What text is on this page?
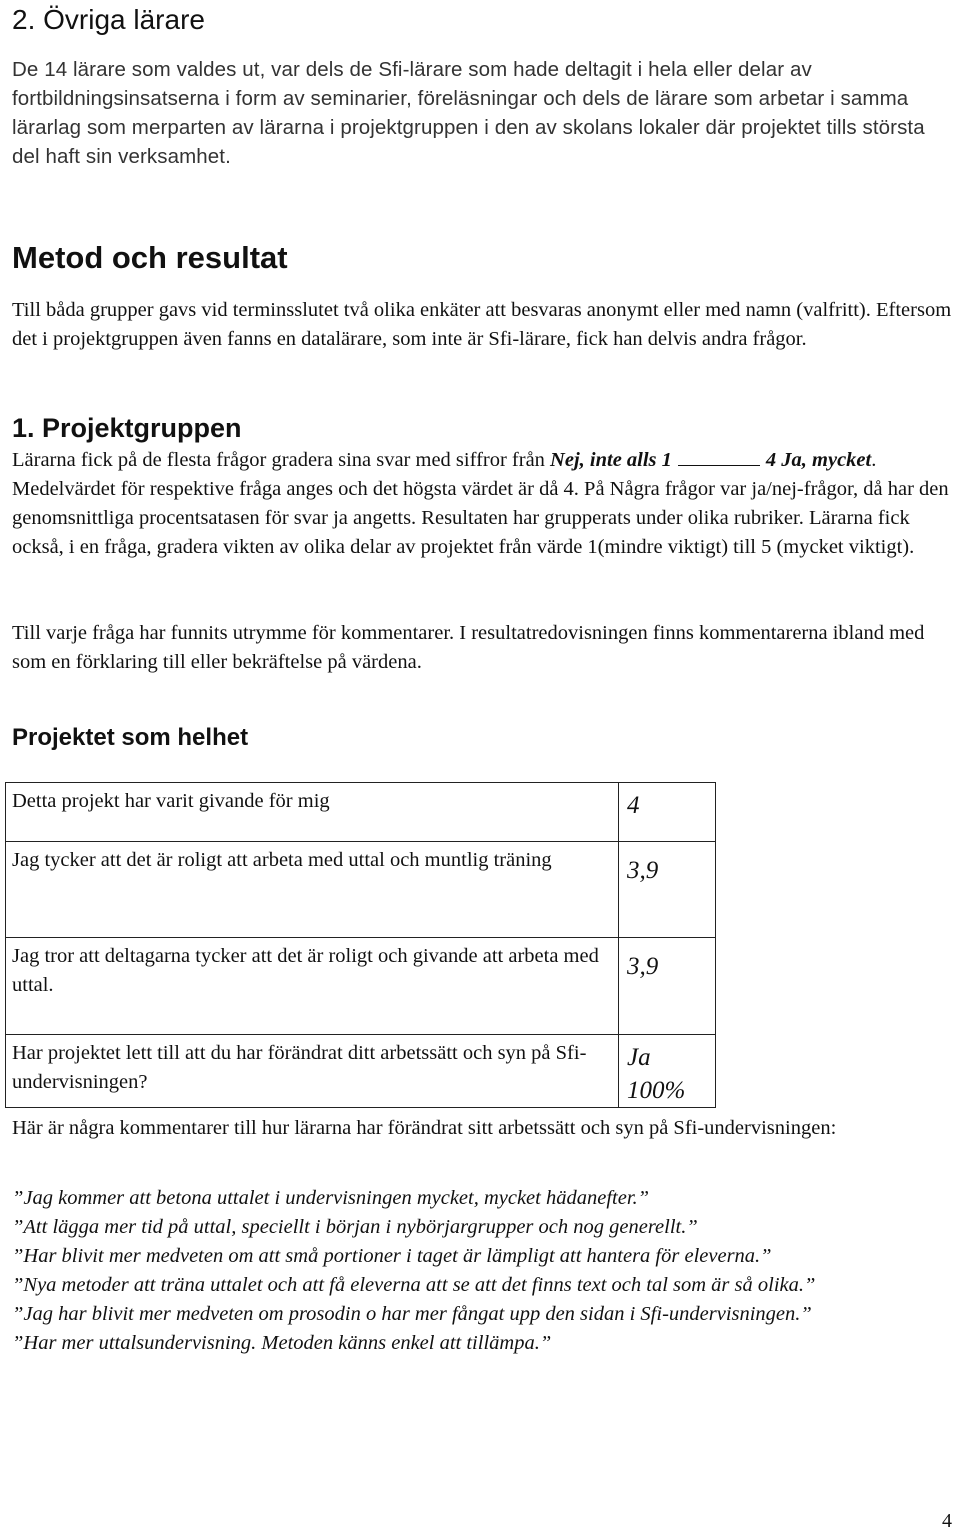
2. Övriga lärare

De 14 lärare som valdes ut, var dels de Sfi-lärare som hade deltagit i hela eller delar av fortbildningsinsatserna i form av seminarier, föreläsningar och dels de lärare som arbetar i samma lärarlag som merparten av lärarna i projektgruppen i den av skolans lokaler där projektet tills största del haft sin verksamhet.

Metod och resultat

Till båda grupper gavs vid terminsslutet två olika enkäter att besvaras anonymt eller med namn (valfritt). Eftersom det i projektgruppen även fanns en datalärare, som inte är Sfi-lärare, fick han delvis andra frågor.

1. Projektgruppen

Lärarna fick på de flesta frågor gradera sina svar med siffror från Nej, inte alls 1	4 Ja, mycket. Medelvärdet för respektive fråga anges och det högsta värdet är då 4. På Några frågor var ja/nej-frågor, då har den genomsnittliga procentsatasen för svar ja angetts. Resultaten har grupperats under olika rubriker. Lärarna fick också, i en fråga, gradera vikten av olika delar av projektet från värde 1(mindre viktigt) till 5 (mycket viktigt).

Till varje fråga har funnits utrymme för kommentarer. I resultatredovisningen finns kommentarerna ibland med som en förklaring till eller bekräftelse på värdena.

Projektet som helhet
Detta projekt har varit givande för mig	4
Jag tycker att det är roligt att arbeta med uttal och muntlig träning	3,9
Jag tror att deltagarna tycker att det är roligt och givande att arbeta med uttal.	3,9
Har projektet lett till att du har förändrat ditt arbetssätt och syn på Sfi-undervisningen?	Ja 100%

Här är några kommentarer till hur lärarna har förändrat sitt arbetssätt och syn på Sfi-undervisningen:

”Jag kommer att betona uttalet i undervisningen mycket, mycket hädanefter.”
”Att lägga mer tid på uttal, speciellt i början i nybörjargrupper och nog generellt.”
”Har blivit mer medveten om att små portioner i taget är lämpligt att hantera för eleverna.”
”Nya metoder att träna uttalet och att få eleverna att se att det finns text och tal som är så olika.”
”Jag har blivit mer medveten om prosodin o har mer fångat upp den sidan i Sfi-undervisningen.”
”Har mer uttalsundervisning. Metoden känns enkel att tillämpa.”
4
